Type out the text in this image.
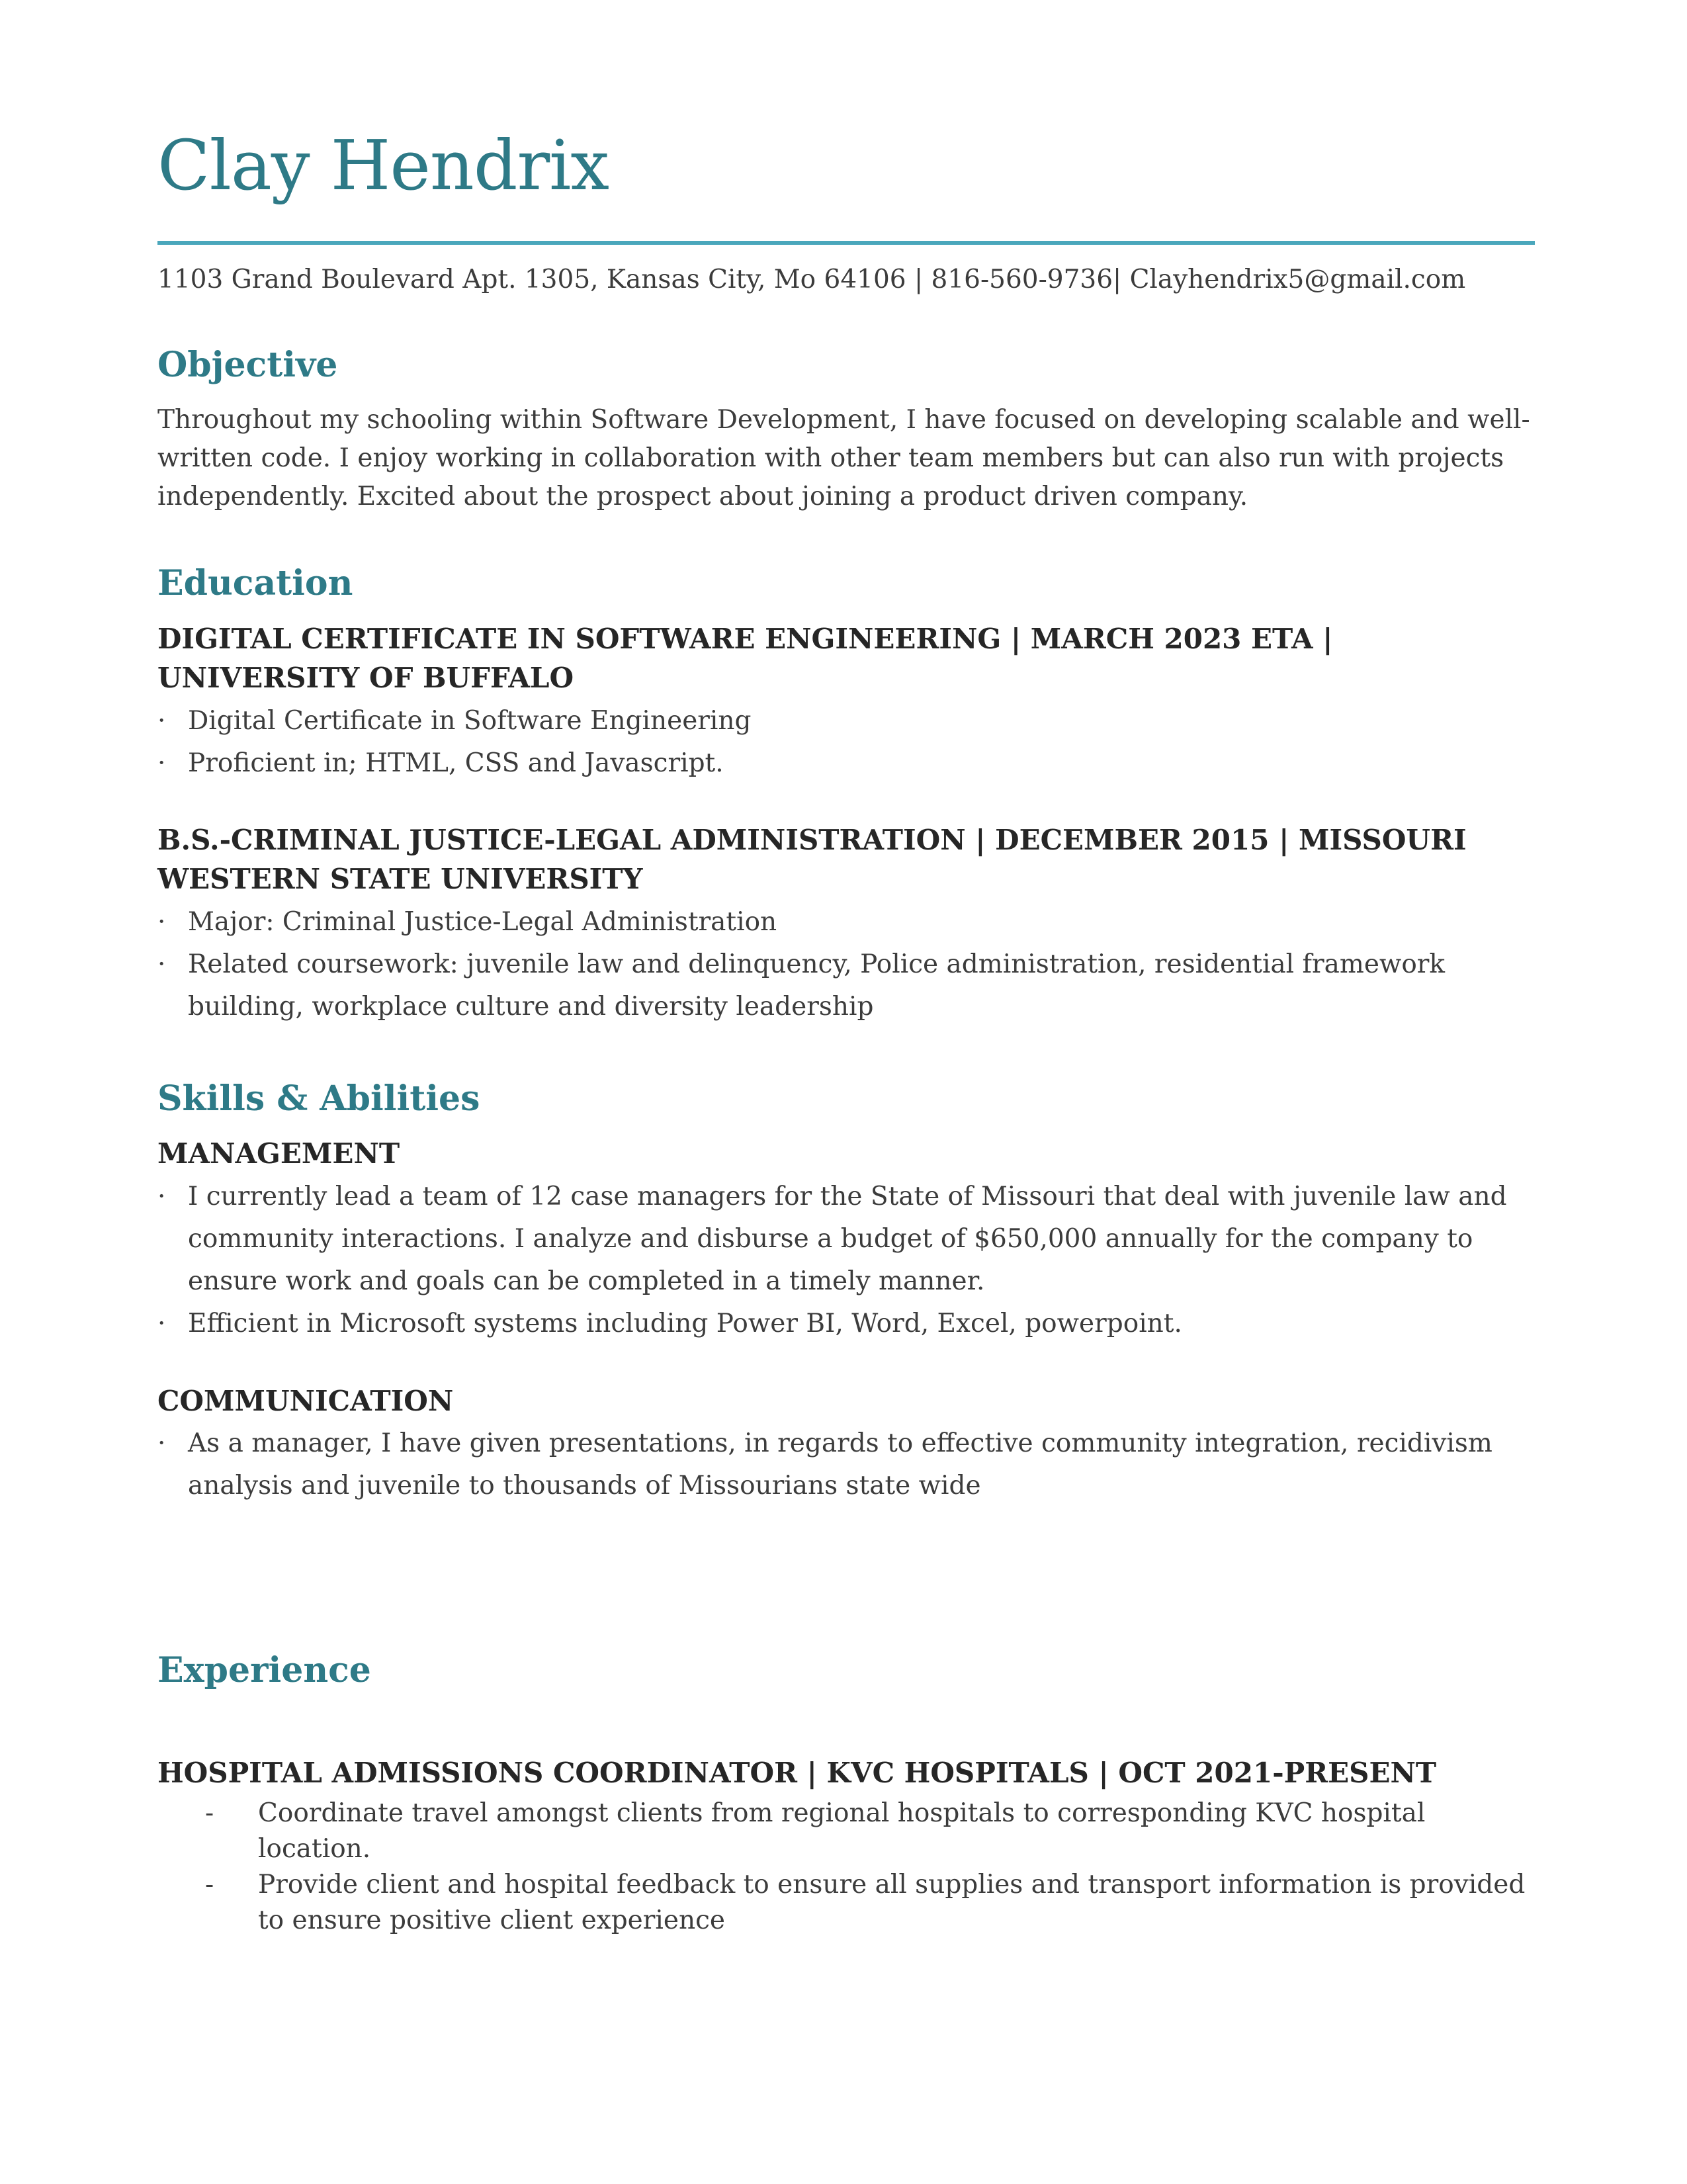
Clay Hendrix
1103 Grand Boulevard Apt. 1305, Kansas City, Mo 64106 | 816-560-9736| Clayhendrix5@gmail.com
Objective
Throughout my schooling within Software Development, I have focused on developing scalable and well-written code. I enjoy working in collaboration with other team members but can also run with projects independently. Excited about the prospect about joining a product driven company.
Education
DIGITAL CERTIFICATE IN SOFTWARE ENGINEERING | MARCH 2023 ETA | UNIVERSITY OF BUFFALO
· Digital Certificate in Software Engineering
· Proficient in; HTML, CSS and Javascript.
B.S.-CRIMINAL JUSTICE-LEGAL ADMINISTRATION | DECEMBER 2015 | MISSOURI WESTERN STATE UNIVERSITY
· Major: Criminal Justice-Legal Administration
· Related coursework: juvenile law and delinquency, Police administration, residential framework building, workplace culture and diversity leadership
Skills & Abilities
MANAGEMENT
· I currently lead a team of 12 case managers for the State of Missouri that deal with juvenile law and community interactions. I analyze and disburse a budget of $650,000 annually for the company to ensure work and goals can be completed in a timely manner.
· Efficient in Microsoft systems including Power BI, Word, Excel, powerpoint.
COMMUNICATION
· As a manager, I have given presentations, in regards to effective community integration, recidivism analysis and juvenile to thousands of Missourians state wide
Experience
HOSPITAL ADMISSIONS COORDINATOR | KVC HOSPITALS | OCT 2021-PRESENT
- Coordinate travel amongst clients from regional hospitals to corresponding KVC hospital location.
- Provide client and hospital feedback to ensure all supplies and transport information is provided to ensure positive client experience
